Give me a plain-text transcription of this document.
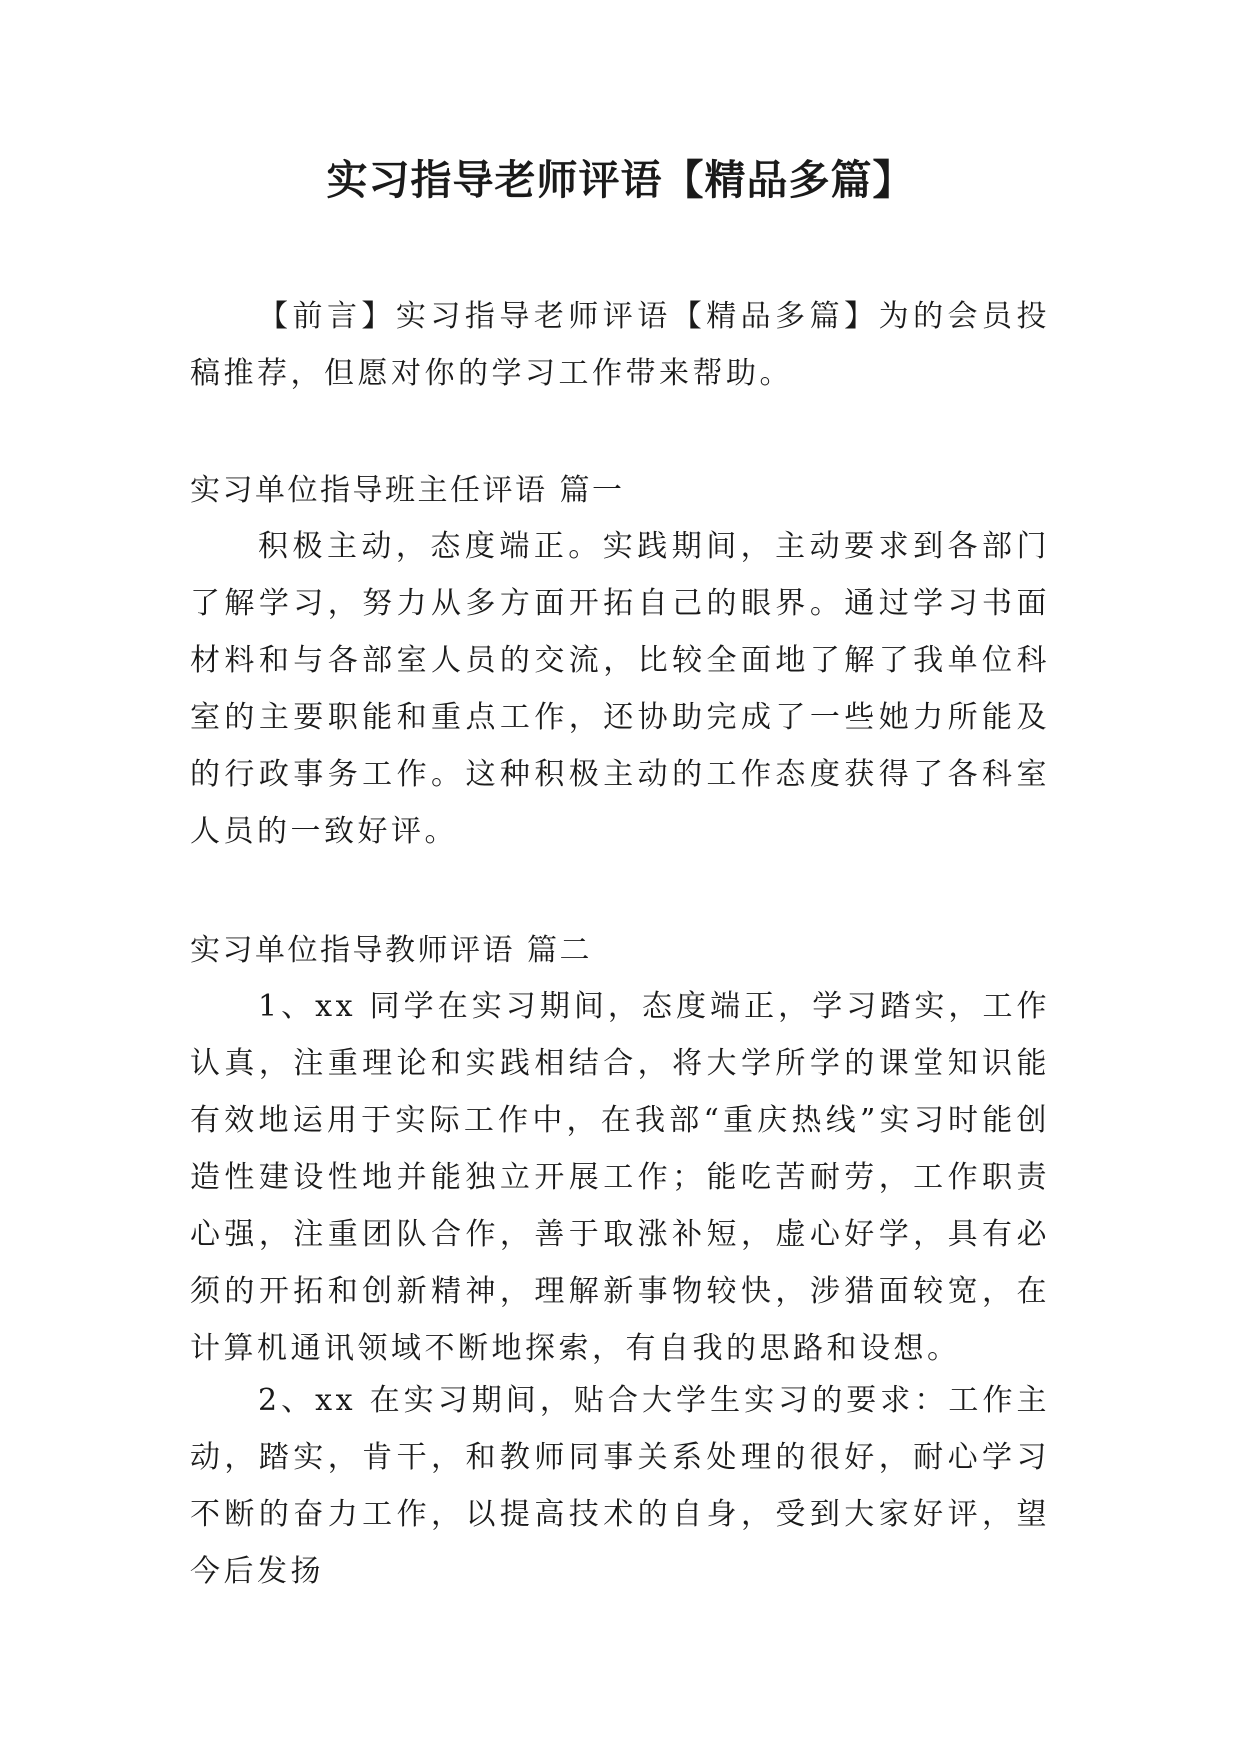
实习指导老师评语【精品多篇】

【前言】实习指导老师评语【精品多篇】为的会员投稿推荐，但愿对你的学习工作带来帮助。

实习单位指导班主任评语 篇一

积极主动，态度端正。实践期间，主动要求到各部门了解学习，努力从多方面开拓自己的眼界。通过学习书面材料和与各部室人员的交流，比较全面地了解了我单位科室的主要职能和重点工作，还协助完成了一些她力所能及的行政事务工作。这种积极主动的工作态度获得了各科室人员的一致好评。

实习单位指导教师评语 篇二

1、xx 同学在实习期间，态度端正，学习踏实，工作认真，注重理论和实践相结合，将大学所学的课堂知识能有效地运用于实际工作中，在我部“重庆热线”实习时能创造性建设性地并能独立开展工作；能吃苦耐劳，工作职责心强，注重团队合作，善于取涨补短，虚心好学，具有必须的开拓和创新精神，理解新事物较快，涉猎面较宽，在计算机通讯领域不断地探索，有自我的思路和设想。

2、xx 在实习期间，贴合大学生实习的要求：工作主动，踏实，肯干，和教师同事关系处理的很好，耐心学习不断的奋力工作，以提高技术的自身，受到大家好评，望今后发扬
